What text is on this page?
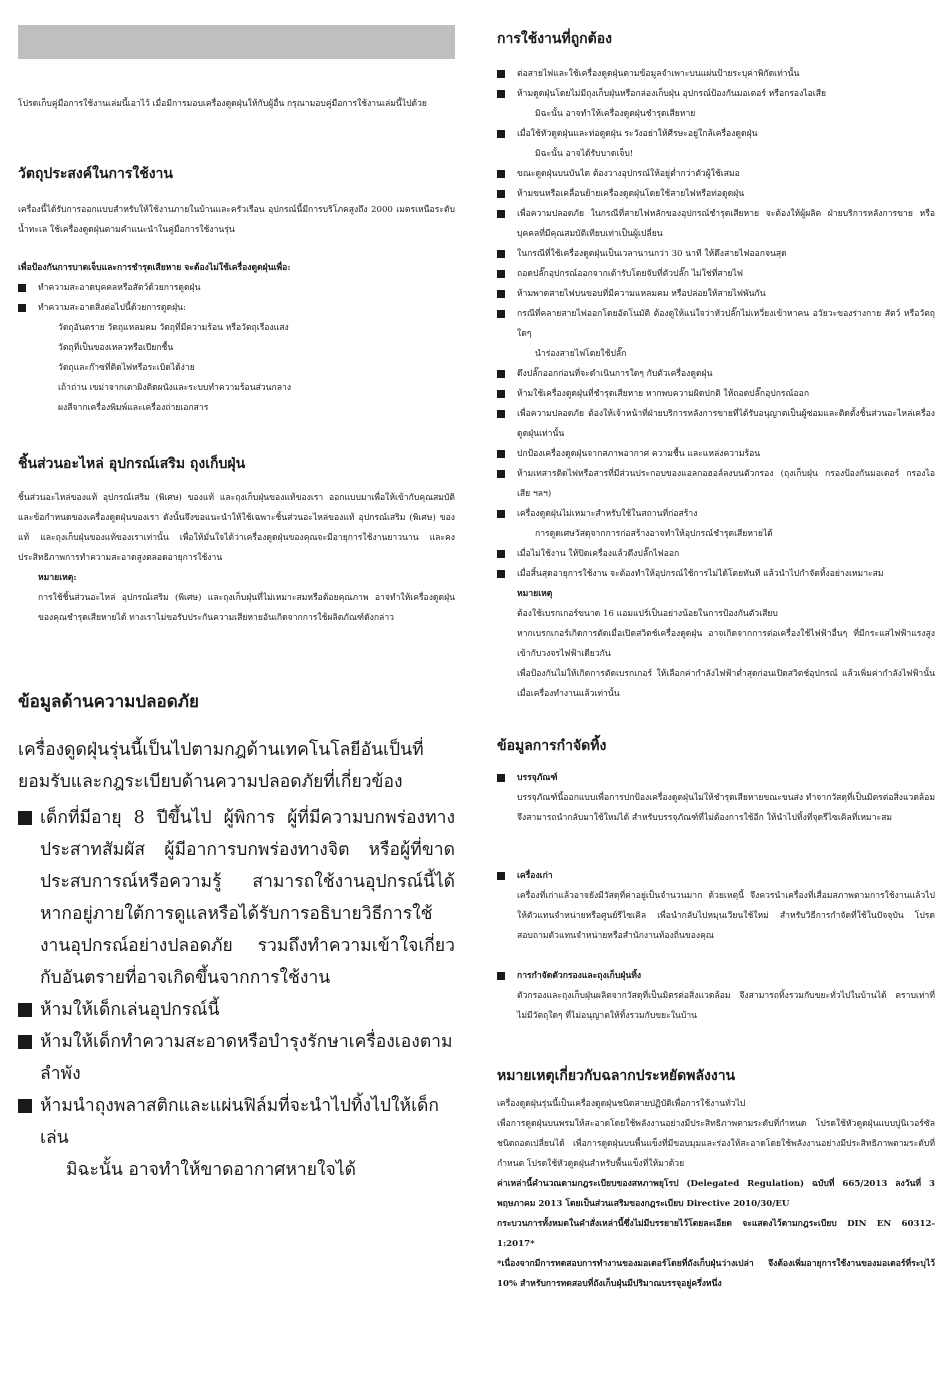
โปรดเก็บคู่มือการใช้งานเล่มนี้เอาไว้ เมื่อมีการมอบเครื่องดูดฝุ่นให้กับผู้อื่น กรุณามอบคู่มือการใช้งานเล่มนี้ไปด้วย

วัตถุประสงค์ในการใช้งาน

เครื่องนี้ได้รับการออกแบบสำหรับให้ใช้งานภายในบ้านและครัวเรือน อุปกรณ์นี้มีการบริโภคสูงถึง 2000 เมตรเหนือระดับน้ำทะเล ใช้เครื่องดูดฝุ่นตามคำแนะนำในคู่มือการใช้งานรุ่น

เพื่อป้องกันการบาดเจ็บและการชำรุดเสียหาย จะต้องไม่ใช้เครื่องดูดฝุ่นเพื่อ:

ทำความสะอาดบุคคลหรือสัตว์ด้วยการดูดฝุ่น
ทำความสะอาดสิ่งต่อไปนี้ด้วยการดูดฝุ่น:

วัตถุอันตราย วัตถุแหลมคม วัตถุที่มีความร้อน หรือวัตถุเรืองแสง

วัตถุที่เป็นของเหลวหรือเปียกชื้น

วัตถุและก๊าซที่ติดไฟหรือระเบิดได้ง่าย

เถ้าถ่าน เขม่าจากเตาผิงติดผนังและระบบทำความร้อนส่วนกลาง

ผงสีจากเครื่องพิมพ์และเครื่องถ่ายเอกสาร

ชิ้นส่วนอะไหล่ อุปกรณ์เสริม ถุงเก็บฝุ่น

ชิ้นส่วนอะไหล่ของแท้ อุปกรณ์เสริม (พิเศษ) ของแท้ และถุงเก็บฝุ่นของแท้ของเรา ออกแบบมาเพื่อให้เข้ากับคุณสมบัติและข้อกำหนดของเครื่องดูดฝุ่นของเรา ดังนั้นจึงขอแนะนำให้ใช้เฉพาะชิ้นส่วนอะไหล่ของแท้ อุปกรณ์เสริม (พิเศษ) ของแท้ และถุงเก็บฝุ่นของแท้ของเราเท่านั้น เพื่อให้มั่นใจได้ว่าเครื่องดูดฝุ่นของคุณจะมีอายุการใช้งานยาวนาน และคงประสิทธิภาพการทำความสะอาดสูงตลอดอายุการใช้งาน

หมายเหตุ:

การใช้ชิ้นส่วนอะไหล่ อุปกรณ์เสริม (พิเศษ) และถุงเก็บฝุ่นที่ไม่เหมาะสมหรือด้อยคุณภาพ อาจทำให้เครื่องดูดฝุ่นของคุณชำรุดเสียหายได้ ทางเราไม่ขอรับประกันความเสียหายอันเกิดจากการใช้ผลิตภัณฑ์ดังกล่าว

ข้อมูลด้านความปลอดภัย

เครื่องดูดฝุ่นรุ่นนี้เป็นไปตามกฎด้านเทคโนโลยีอันเป็นที่ยอมรับและกฎระเบียบด้านความปลอดภัยที่เกี่ยวข้อง

เด็กที่มีอายุ 8 ปีขึ้นไป ผู้พิการ ผู้ที่มีความบกพร่องทางประสาทสัมผัส ผู้มีอาการบกพร่องทางจิต หรือผู้ที่ขาดประสบการณ์หรือความรู้ สามารถใช้งานอุปกรณ์นี้ได้ หากอยู่ภายใต้การดูแลหรือได้รับการอธิบายวิธีการใช้งานอุปกรณ์อย่างปลอดภัย รวมถึงทำความเข้าใจเกี่ยวกับอันตรายที่อาจเกิดขึ้นจากการใช้งาน
ห้ามให้เด็กเล่นอุปกรณ์นี้
ห้ามให้เด็กทำความสะอาดหรือบำรุงรักษาเครื่องเองตามลำพัง
ห้ามนำถุงพลาสติกและแผ่นฟิล์มที่จะนำไปทิ้งไปให้เด็กเล่น

มิฉะนั้น อาจทำให้ขาดอากาศหายใจได้

การใช้งานที่ถูกต้อง
ต่อสายไฟและใช้เครื่องดูดฝุ่นตามข้อมูลจำเพาะบนแผ่นป้ายระบุค่าพิกัดเท่านั้น
ห้ามดูดฝุ่นโดยไม่มีถุงเก็บฝุ่นหรือกล่องเก็บฝุ่น อุปกรณ์ป้องกันมอเตอร์ หรือกรองไอเสีย

มิฉะนั้น อาจทำให้เครื่องดูดฝุ่นชำรุดเสียหาย

เมื่อใช้หัวดูดฝุ่นและท่อดูดฝุ่น ระวังอย่าให้ศีรษะอยู่ใกล้เครื่องดูดฝุ่น

มิฉะนั้น อาจได้รับบาดเจ็บ!

ขณะดูดฝุ่นบนบันได ต้องวางอุปกรณ์ให้อยู่ต่ำกว่าตัวผู้ใช้เสมอ
ห้ามขนหรือเคลื่อนย้ายเครื่องดูดฝุ่นโดยใช้สายไฟหรือท่อดูดฝุ่น
เพื่อความปลอดภัย ในกรณีที่สายไฟหลักของอุปกรณ์ชำรุดเสียหาย จะต้องให้ผู้ผลิต ฝ่ายบริการหลังการขาย หรือบุคคลที่มีคุณสมบัติเทียบเท่าเป็นผู้เปลี่ยน
ในกรณีที่ใช้เครื่องดูดฝุ่นเป็นเวลานานกว่า 30 นาที ให้ดึงสายไฟออกจนสุด
ถอดปลั๊กอุปกรณ์ออกจากเต้ารับโดยจับที่ตัวปลั๊ก ไม่ใช่ที่สายไฟ
ห้ามพาดสายไฟบนขอบที่มีความแหลมคม หรือปล่อยให้สายไฟพันกัน
กรณีที่คลายสายไฟออกโดยอัตโนมัติ ต้องดูให้แน่ใจว่าหัวปลั๊กไม่เหวี่ยงเข้าหาคน อวัยวะของร่างกาย สัตว์ หรือวัตถุใดๆ

นำร่องสายไฟโดยใช้ปลั๊ก

ดึงปลั๊กออกก่อนที่จะดำเนินการใดๆ กับตัวเครื่องดูดฝุ่น
ห้ามใช้เครื่องดูดฝุ่นที่ชำรุดเสียหาย หากพบความผิดปกติ ให้ถอดปลั๊กอุปกรณ์ออก
เพื่อความปลอดภัย ต้องให้เจ้าหน้าที่ฝ่ายบริการหลังการขายที่ได้รับอนุญาตเป็นผู้ซ่อมและติดตั้งชิ้นส่วนอะไหล่เครื่องดูดฝุ่นเท่านั้น
ปกป้องเครื่องดูดฝุ่นจากสภาพอากาศ ความชื้น และแหล่งความร้อน
ห้ามเทสารติดไฟหรือสารที่มีส่วนประกอบของแอลกอฮอล์ลงบนตัวกรอง (ถุงเก็บฝุ่น กรองป้องกันมอเตอร์ กรองไอเสีย ฯลฯ)
เครื่องดูดฝุ่นไม่เหมาะสำหรับใช้ในสถานที่ก่อสร้าง

การดูดเศษวัสดุจากการก่อสร้างอาจทำให้อุปกรณ์ชำรุดเสียหายได้

เมื่อไม่ใช้งาน ให้ปิดเครื่องแล้วดึงปลั๊กไฟออก
เมื่อสิ้นสุดอายุการใช้งาน จะต้องทำให้อุปกรณ์ใช้การไม่ได้โดยทันที แล้วนำไปกำจัดทิ้งอย่างเหมาะสม

หมายเหตุ

ต้องใช้เบรกเกอร์ขนาด 16 แอมแปร์เป็นอย่างน้อยในการป้องกันตัวเสียบ

หากเบรกเกอร์เกิดการตัดเมื่อเปิดสวิตช์เครื่องดูดฝุ่น อาจเกิดจากการต่อเครื่องใช้ไฟฟ้าอื่นๆ ที่มีกระแสไฟฟ้าแรงสูงเข้ากับวงจรไฟฟ้าเดียวกัน

เพื่อป้องกันไม่ให้เกิดการตัดเบรกเกอร์ ให้เลือกค่ากำลังไฟฟ้าต่ำสุดก่อนเปิดสวิตช์อุปกรณ์ แล้วเพิ่มค่ากำลังไฟฟ้านั้นเมื่อเครื่องทำงานแล้วเท่านั้น

ข้อมูลการกำจัดทิ้ง
บรรจุภัณฑ์

บรรจุภัณฑ์นี้ออกแบบเพื่อการปกป้องเครื่องดูดฝุ่นไม่ให้ชำรุดเสียหายขณะขนส่ง ทำจากวัสดุที่เป็นมิตรต่อสิ่งแวดล้อม จึงสามารถนำกลับมาใช้ใหม่ได้ สำหรับบรรจุภัณฑ์ที่ไม่ต้องการใช้อีก ให้นำไปทิ้งที่จุดรีไซเคิลที่เหมาะสม

เครื่องเก่า

เครื่องที่เก่าแล้วอาจยังมีวัสดุที่ค่าอยู่เป็นจำนวนมาก ด้วยเหตุนี้ จึงควรนำเครื่องที่เสื่อมสภาพตามการใช้งานแล้วไปให้ตัวแทนจำหน่ายหรือศูนย์รีไซเคิล เพื่อนำกลับไปหมุนเวียนใช้ใหม่ สำหรับวิธีการกำจัดที่ใช้ในปัจจุบัน โปรดสอบถามตัวแทนจำหน่ายหรือสำนักงานท้องถิ่นของคุณ

การกำจัดตัวกรองและถุงเก็บฝุ่นทิ้ง

ตัวกรองและถุงเก็บฝุ่นผลิตจากวัสดุที่เป็นมิตรต่อสิ่งแวดล้อม จึงสามารถทิ้งรวมกับขยะทั่วไปในบ้านได้ ตราบเท่าที่ไม่มีวัตถุใดๆ ที่ไม่อนุญาตให้ทิ้งรวมกับขยะในบ้าน

หมายเหตุเกี่ยวกับฉลากประหยัดพลังงาน

เครื่องดูดฝุ่นรุ่นนี้เป็นเครื่องดูดฝุ่นชนิดสายปฏิบัติเพื่อการใช้งานทั่วไป

เพื่อการดูดฝุ่นบนพรมให้สะอาดโดยใช้พลังงานอย่างมีประสิทธิภาพตามระดับที่กำหนด โปรดใช้หัวดูดฝุ่นแบบปูนิเวอร์ซัลชนิดถอดเปลี่ยนได้ เพื่อการดูดฝุ่นบนพื้นแข็งที่มีขอบมุมและร่องให้สะอาดโดยใช้พลังงานอย่างมีประสิทธิภาพตามระดับที่กำหนด โปรดใช้หัวดูดฝุ่นสำหรับพื้นแข็งที่ให้มาด้วย

ค่าเหล่านี้คำนวณตามกฎระเบียบของสหภาพยุโรป (Delegated Regulation) ฉบับที่ 665/2013 ลงวันที่ 3 พฤษภาคม 2013 โดยเป็นส่วนเสริมของกฎระเบียบ Directive 2010/30/EU

กระบวนการทั้งหมดในคำสั่งเหล่านี้ซึ่งไม่มีบรรยายไว้โดยละเอียด จะแสดงไว้ตามกฎระเบียบ DIN EN 60312-1:2017*

*เนื่องจากมีการทดสอบการทำงานของมอเตอร์โดยที่ถังเก็บฝุ่นว่างเปล่า จึงต้องเพิ่มอายุการใช้งานของมอเตอร์ที่ระบุไว้ 10% สำหรับการทดสอบที่ถังเก็บฝุ่นมีปริมาณบรรจุอยู่ครึ่งหนึ่ง
